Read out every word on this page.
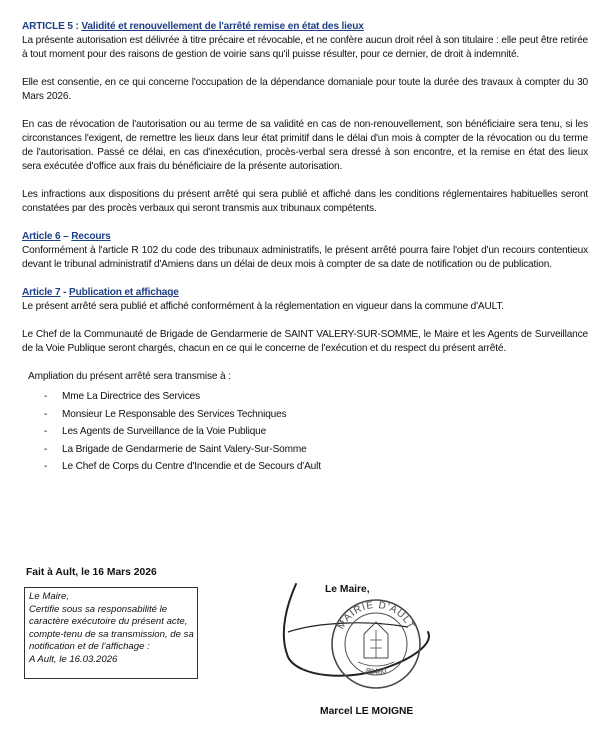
ARTICLE 5 : Validité et renouvellement de l'arrêté remise en état des lieux

La présente autorisation est délivrée à titre précaire et révocable, et ne confère aucun droit réel à son titulaire : elle peut être retirée à tout moment pour des raisons de gestion de voirie sans qu'il puisse résulter, pour ce dernier, de droit à indemnité.

Elle est consentie, en ce qui concerne l'occupation de la dépendance domaniale pour toute la durée des travaux à compter du 30 Mars 2026.

En cas de révocation de l'autorisation ou au terme de sa validité en cas de non-renouvellement, son bénéficiaire sera tenu, si les circonstances l'exigent, de remettre les lieux dans leur état primitif dans le délai d'un mois à compter de la révocation ou du terme de l'autorisation. Passé ce délai, en cas d'inexécution, procès-verbal sera dressé à son encontre, et la remise en état des lieux sera exécutée d'office aux frais du bénéficiaire de la présente autorisation.

Les infractions aux dispositions du présent arrêté qui sera publié et affiché dans les conditions réglementaires habituelles seront constatées par des procès verbaux qui seront transmis aux tribunaux compétents.

Article 6 – Recours

Conformément à l'article R 102 du code des tribunaux administratifs, le présent arrêté pourra faire l'objet d'un recours contentieux devant le tribunal administratif d'Amiens dans un délai de deux mois à compter de sa date de notification ou de publication.

Article 7 - Publication et affichage

Le présent arrêté sera publié et affiché conformément à la réglementation en vigueur dans la commune d'AULT.

Le Chef de la Communauté de Brigade de Gendarmerie de SAINT VALERY-SUR-SOMME, le Maire et les Agents de Surveillance de la Voie Publique seront chargés, chacun en ce qui le concerne de l'exécution et du respect du présent arrêté.

Ampliation du présent arrêté sera transmise à :

- Mme La Directrice des Services
- Monsieur Le Responsable des Services Techniques
- Les Agents de Surveillance de la Voie Publique
- La Brigade de Gendarmerie de Saint Valery-Sur-Somme
- Le Chef de Corps du Centre d'Incendie et de Secours d'Ault
Fait à Ault, le 16 Mars 2026
Le Maire,
Certifie sous sa responsabilité le
caractère exécutoire du présent acte,
compte-tenu de sa transmission, de sa
notification et de l'affichage :
A Ault, le 16.03.2026
MAIRIE D'AULT
80460
Le Maire,
Marcel LE MOIGNE
